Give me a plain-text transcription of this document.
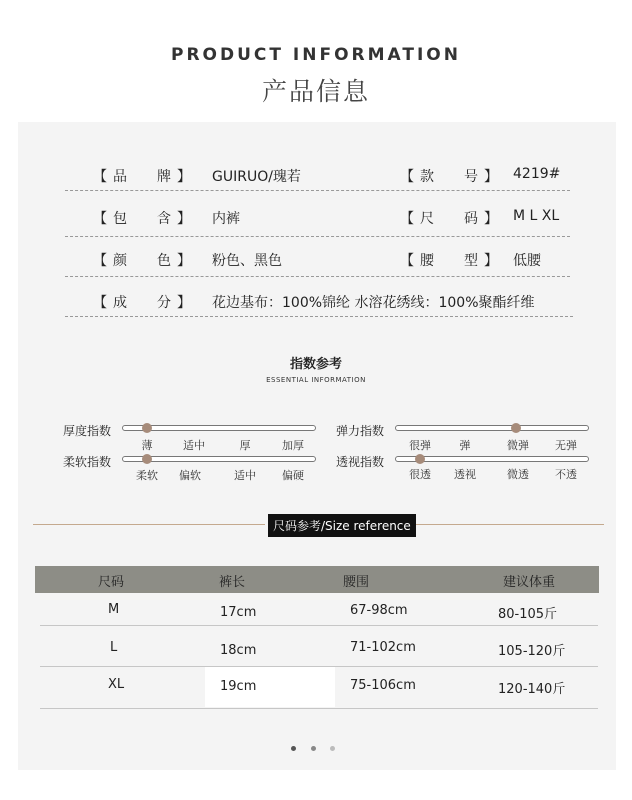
PRODUCT INFORMATION
产品信息
【 品 牌 】 GUIRUO/瑰若	【 款 号 】 4219#
【 包 含 】 内裤	【 尺 码 】 M L XL
【 颜 色 】 粉色、黑色	【 腰 型 】 低腰
【 成 分 】 花边基布：100%锦纶 水溶花绣线：100%聚酯纤维
指数参考
ESSENTIAL INFORMATION
厚度指数
薄	适中	厚	加厚
弹力指数
很弹	弹	微弹 无弹
柔软指数
柔软 偏软	适中 偏硬
透视指数
很透 透视	微透 不透
尺码参考/Size reference
尺码	裤长	腰围	建议体重
M	17cm	67-98cm	80-105斤
L	18cm	71-102cm	105-120斤
XL	19cm	75-106cm	120-140斤
